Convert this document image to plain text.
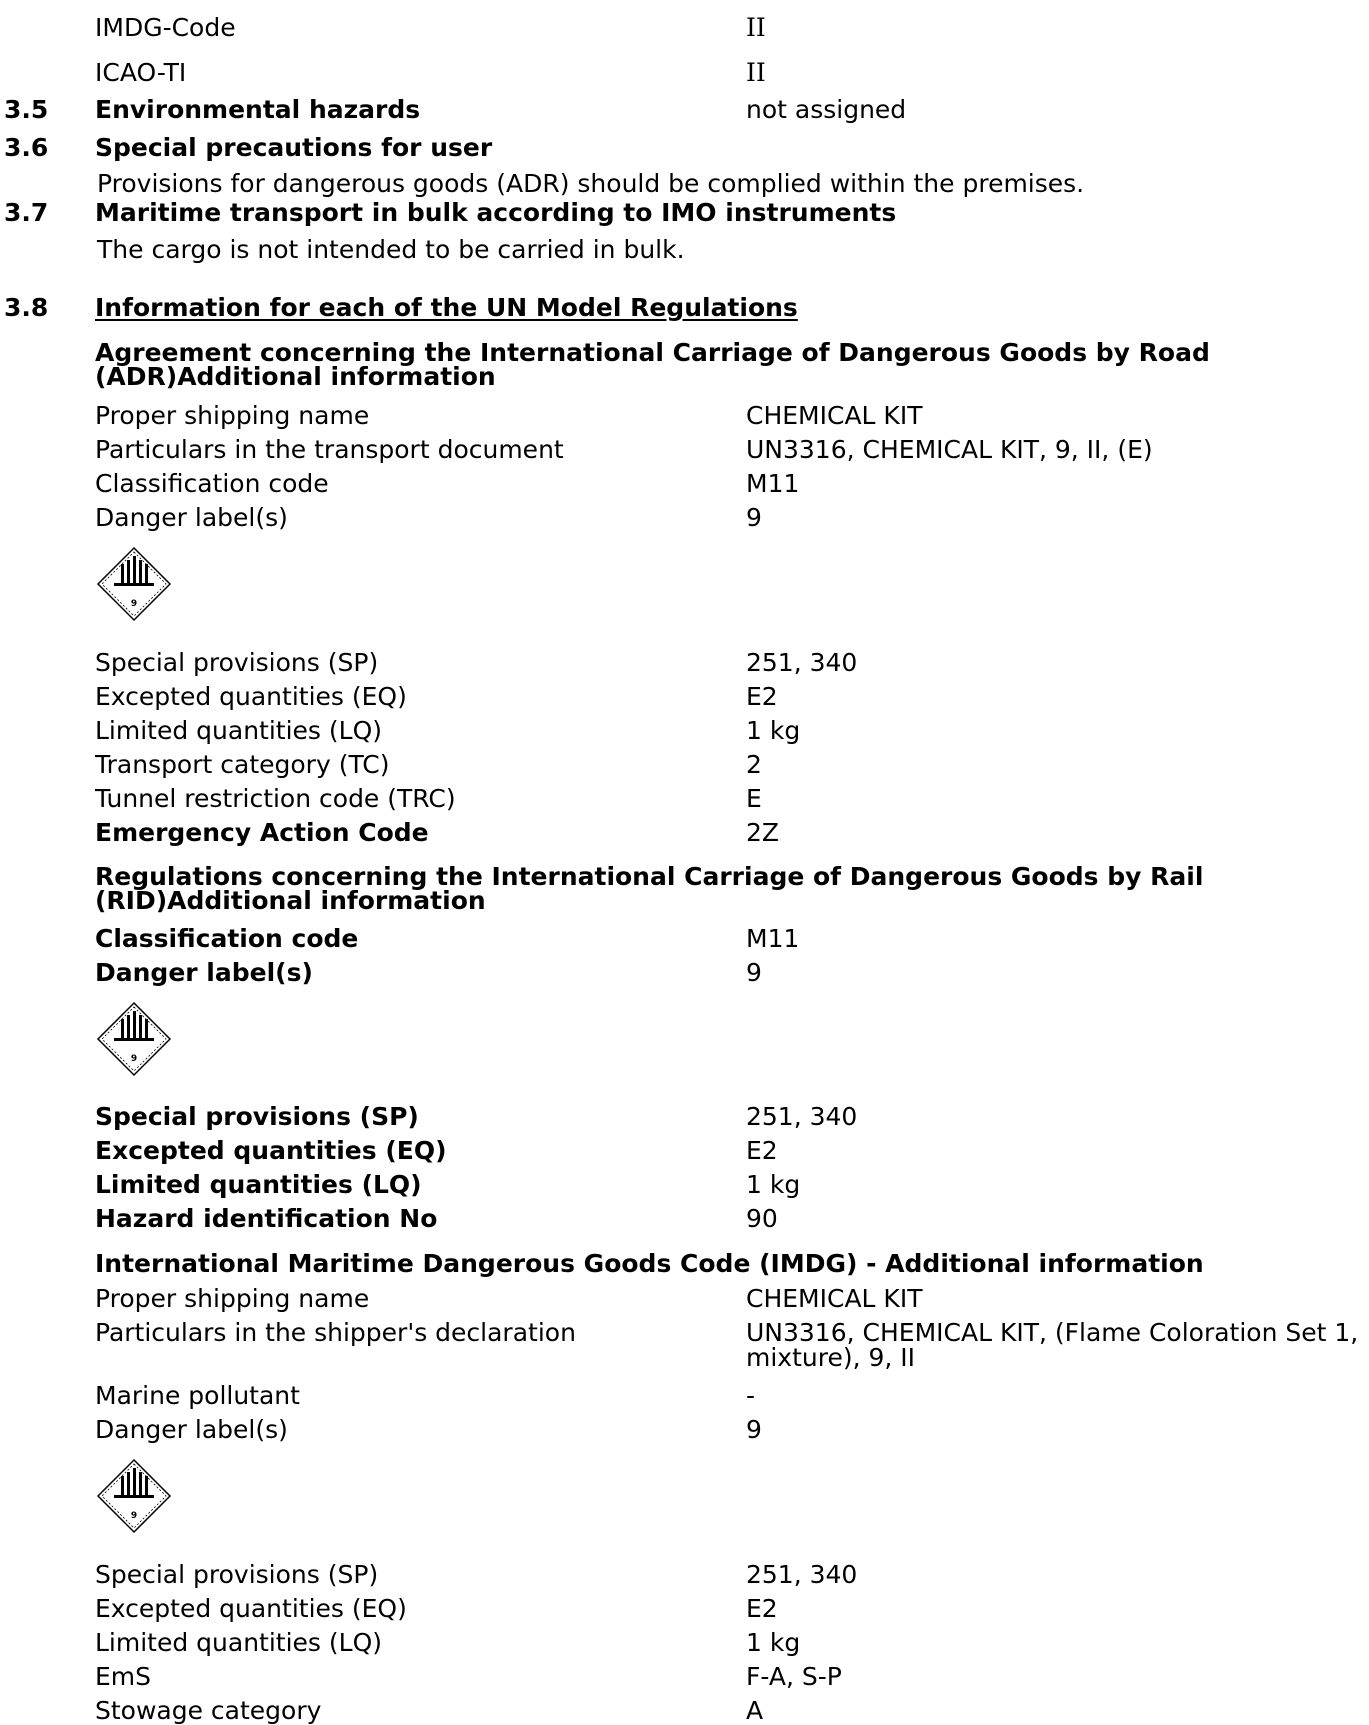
IMDG-Code	II
ICAO-TI	II
3.5 Environmental hazards	not assigned
3.6 Special precautions for user
Provisions for dangerous goods (ADR) should be complied within the premises.
3.7 Maritime transport in bulk according to IMO instruments
The cargo is not intended to be carried in bulk.
3.8 Information for each of the UN Model Regulations
Agreement concerning the International Carriage of Dangerous Goods by Road (ADR)Additional information
Proper shipping name	CHEMICAL KIT
Particulars in the transport document	UN3316, CHEMICAL KIT, 9, II, (E)
Classification code	M11
Danger label(s)	9
9
Special provisions (SP)	251, 340
Excepted quantities (EQ)	E2
Limited quantities (LQ)	1 kg
Transport category (TC)	2
Tunnel restriction code (TRC)	E
Emergency Action Code	2Z
Regulations concerning the International Carriage of Dangerous Goods by Rail (RID)Additional information
Classification code	M11
Danger label(s)	9
9
Special provisions (SP)	251, 340
Excepted quantities (EQ)	E2
Limited quantities (LQ)	1 kg
Hazard identification No	90
International Maritime Dangerous Goods Code (IMDG) - Additional information
Proper shipping name	CHEMICAL KIT
Particulars in the shipper's declaration	UN3316, CHEMICAL KIT, (Flame Coloration Set 1,
mixture), 9, II
Marine pollutant	-
Danger label(s)	9
9
Special provisions (SP)	251, 340
Excepted quantities (EQ)	E2
Limited quantities (LQ)	1 kg
EmS	F-A, S-P
Stowage category	A
